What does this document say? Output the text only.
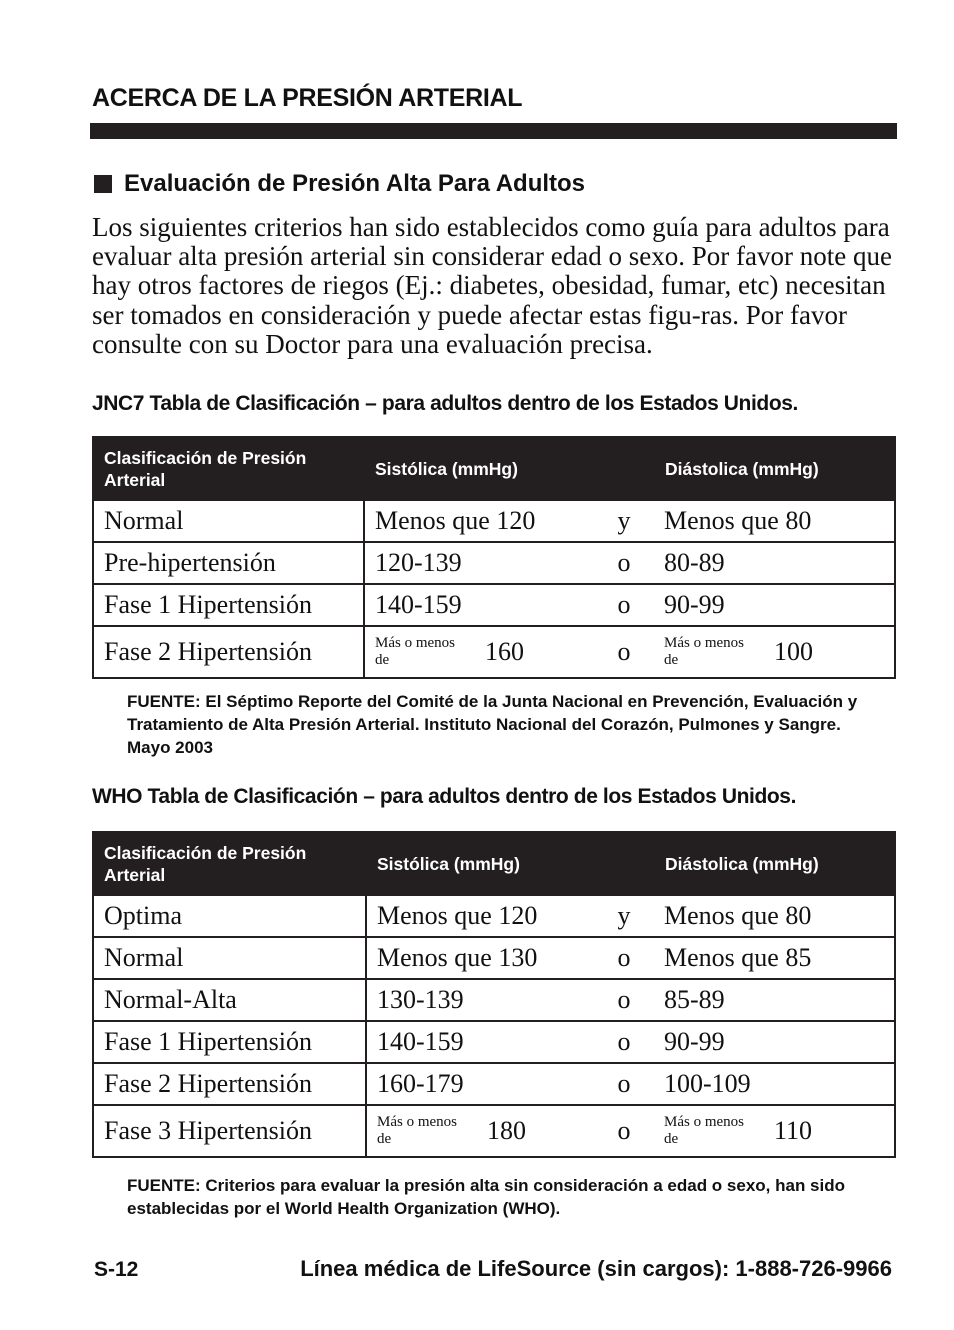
ACERCA DE LA PRESIÓN ARTERIAL
Evaluación de Presión Alta Para Adultos

Los siguientes criterios han sido establecidos como guía para adultos para evaluar alta presión arterial sin considerar edad o sexo. Por favor note que hay otros factores de riegos (Ej.: diabetes, obesidad, fumar, etc) necesitan ser tomados en consideración y puede afectar estas figu-ras. Por favor consulte con su Doctor para una evaluación precisa.

JNC7 Tabla de Clasificación – para adultos dentro de los Estados Unidos.
Clasificación de Presión Arterial	Sistólica (mmHg)		Diástolica (mmHg)
Normal	Menos que 120	y	Menos que 80
Pre-hipertensión	120-139	o	80-89
Fase 1 Hipertensión	140-159	o	90-99
Fase 2 Hipertensión	Más o menos de 160	o	Más o menos de 100

FUENTE: El Séptimo Reporte del Comité de la Junta Nacional en Prevención, Evaluación y Tratamiento de Alta Presión Arterial. Instituto Nacional del Corazón, Pulmones y Sangre. Mayo 2003

WHO Tabla de Clasificación – para adultos dentro de los Estados Unidos.
Clasificación de Presión Arterial	Sistólica (mmHg)		Diástolica (mmHg)
Optima	Menos que 120	y	Menos que 80
Normal	Menos que 130	o	Menos que 85
Normal-Alta	130-139	o	85-89
Fase 1 Hipertensión	140-159	o	90-99
Fase 2 Hipertensión	160-179	o	100-109
Fase 3 Hipertensión	Más o menos de 180	o	Más o menos de 110

FUENTE: Criterios para evaluar la presión alta sin consideración a edad o sexo, han sido establecidas por el World Health Organization (WHO).

S-12	Línea médica de LifeSource (sin cargos): 1-888-726-9966
